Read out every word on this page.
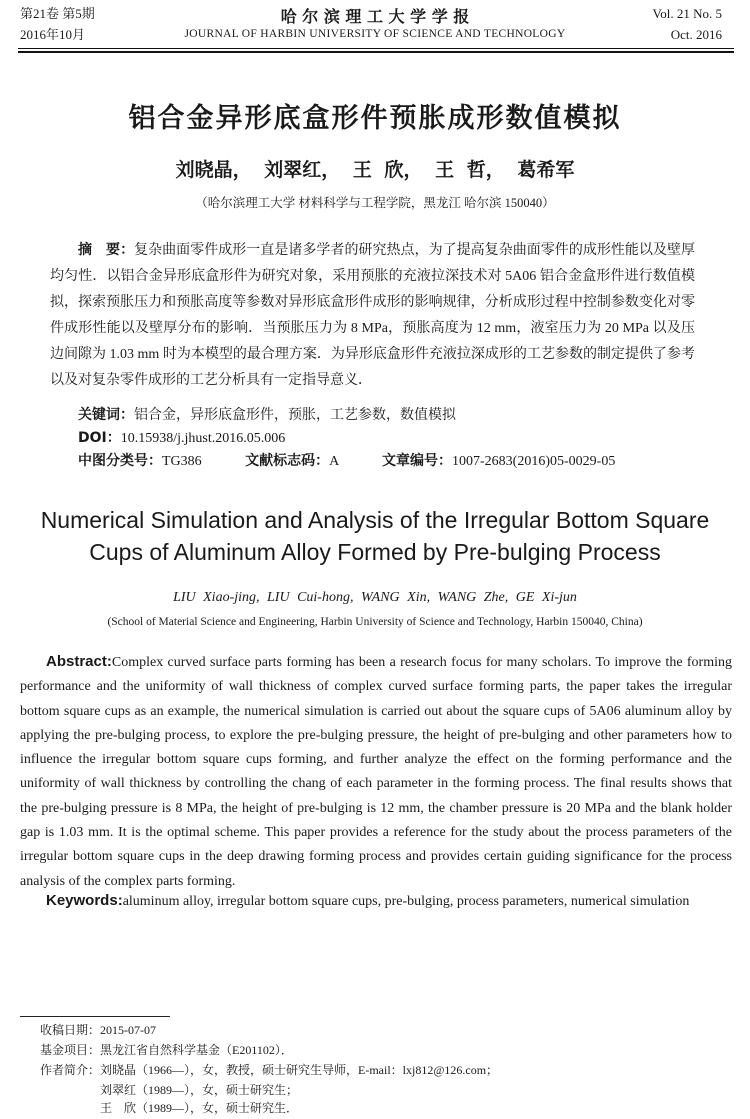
第21卷 第5期
2016年10月
哈 尔 滨 理 工 大 学 学 报
JOURNAL OF HARBIN UNIVERSITY OF SCIENCE AND TECHNOLOGY
Vol. 21 No. 5
Oct. 2016
铝合金异形底盒形件预胀成形数值模拟
刘晓晶， 刘翠红， 王 欣， 王 哲， 葛希军
（哈尔滨理工大学 材料科学与工程学院，黑龙江 哈尔滨 150040）
摘　要：复杂曲面零件成形一直是诸多学者的研究热点，为了提高复杂曲面零件的成形性能以及壁厚均匀性．以铝合金异形底盒形件为研究对象，采用预胀的充液拉深技术对 5A06 铝合金盒形件进行数值模拟，探索预胀压力和预胀高度等参数对异形底盒形件成形的影响规律，分析成形过程中控制参数变化对零件成形性能以及壁厚分布的影响．当预胀压力为 8 MPa，预胀高度为 12 mm，液室压力为 20 MPa 以及压边间隙为 1.03 mm 时为本模型的最合理方案．为异形底盒形件充液拉深成形的工艺参数的制定提供了参考以及对复杂零件成形的工艺分析具有一定指导意义．
关键词：铝合金，异形底盒形件，预胀，工艺参数，数值模拟
DOI：10.15938/j.jhust.2016.05.006
中图分类号：TG386	文献标志码：A	文章编号：1007-2683(2016)05-0029-05
Numerical Simulation and Analysis of the Irregular Bottom Square
Cups of Aluminum Alloy Formed by Pre-bulging Process
LIU Xiao-jing, LIU Cui-hong, WANG Xin, WANG Zhe, GE Xi-jun
(School of Material Science and Engineering, Harbin University of Science and Technology, Harbin 150040, China)
Abstract:Complex curved surface parts forming has been a research focus for many scholars. To improve the forming performance and the uniformity of wall thickness of complex curved surface forming parts, the paper takes the irregular bottom square cups as an example, the numerical simulation is carried out about the square cups of 5A06 aluminum alloy by applying the pre-bulging process, to explore the pre-bulging pressure, the height of pre-bulging and other parameters how to influence the irregular bottom square cups forming, and further analyze the effect on the forming performance and the uniformity of wall thickness by controlling the chang of each parameter in the forming process. The final results shows that the pre-bulging pressure is 8 MPa, the height of pre-bulging is 12 mm, the chamber pressure is 20 MPa and the blank holder gap is 1.03 mm. It is the optimal scheme. This paper provides a reference for the study about the process parameters of the irregular bottom square cups in the deep drawing forming process and provides certain guiding significance for the process analysis of the complex parts forming.
Keywords:aluminum alloy, irregular bottom square cups, pre-bulging, process parameters, numerical simulation
收稿日期：2015-07-07
基金项目：黑龙江省自然科学基金（E201102）．
作者简介：刘晓晶（1966—），女，教授，硕士研究生导师，E-mail：lxj812@126.com；
刘翠红（1989—），女，硕士研究生；
王　欣（1989—），女，硕士研究生．
